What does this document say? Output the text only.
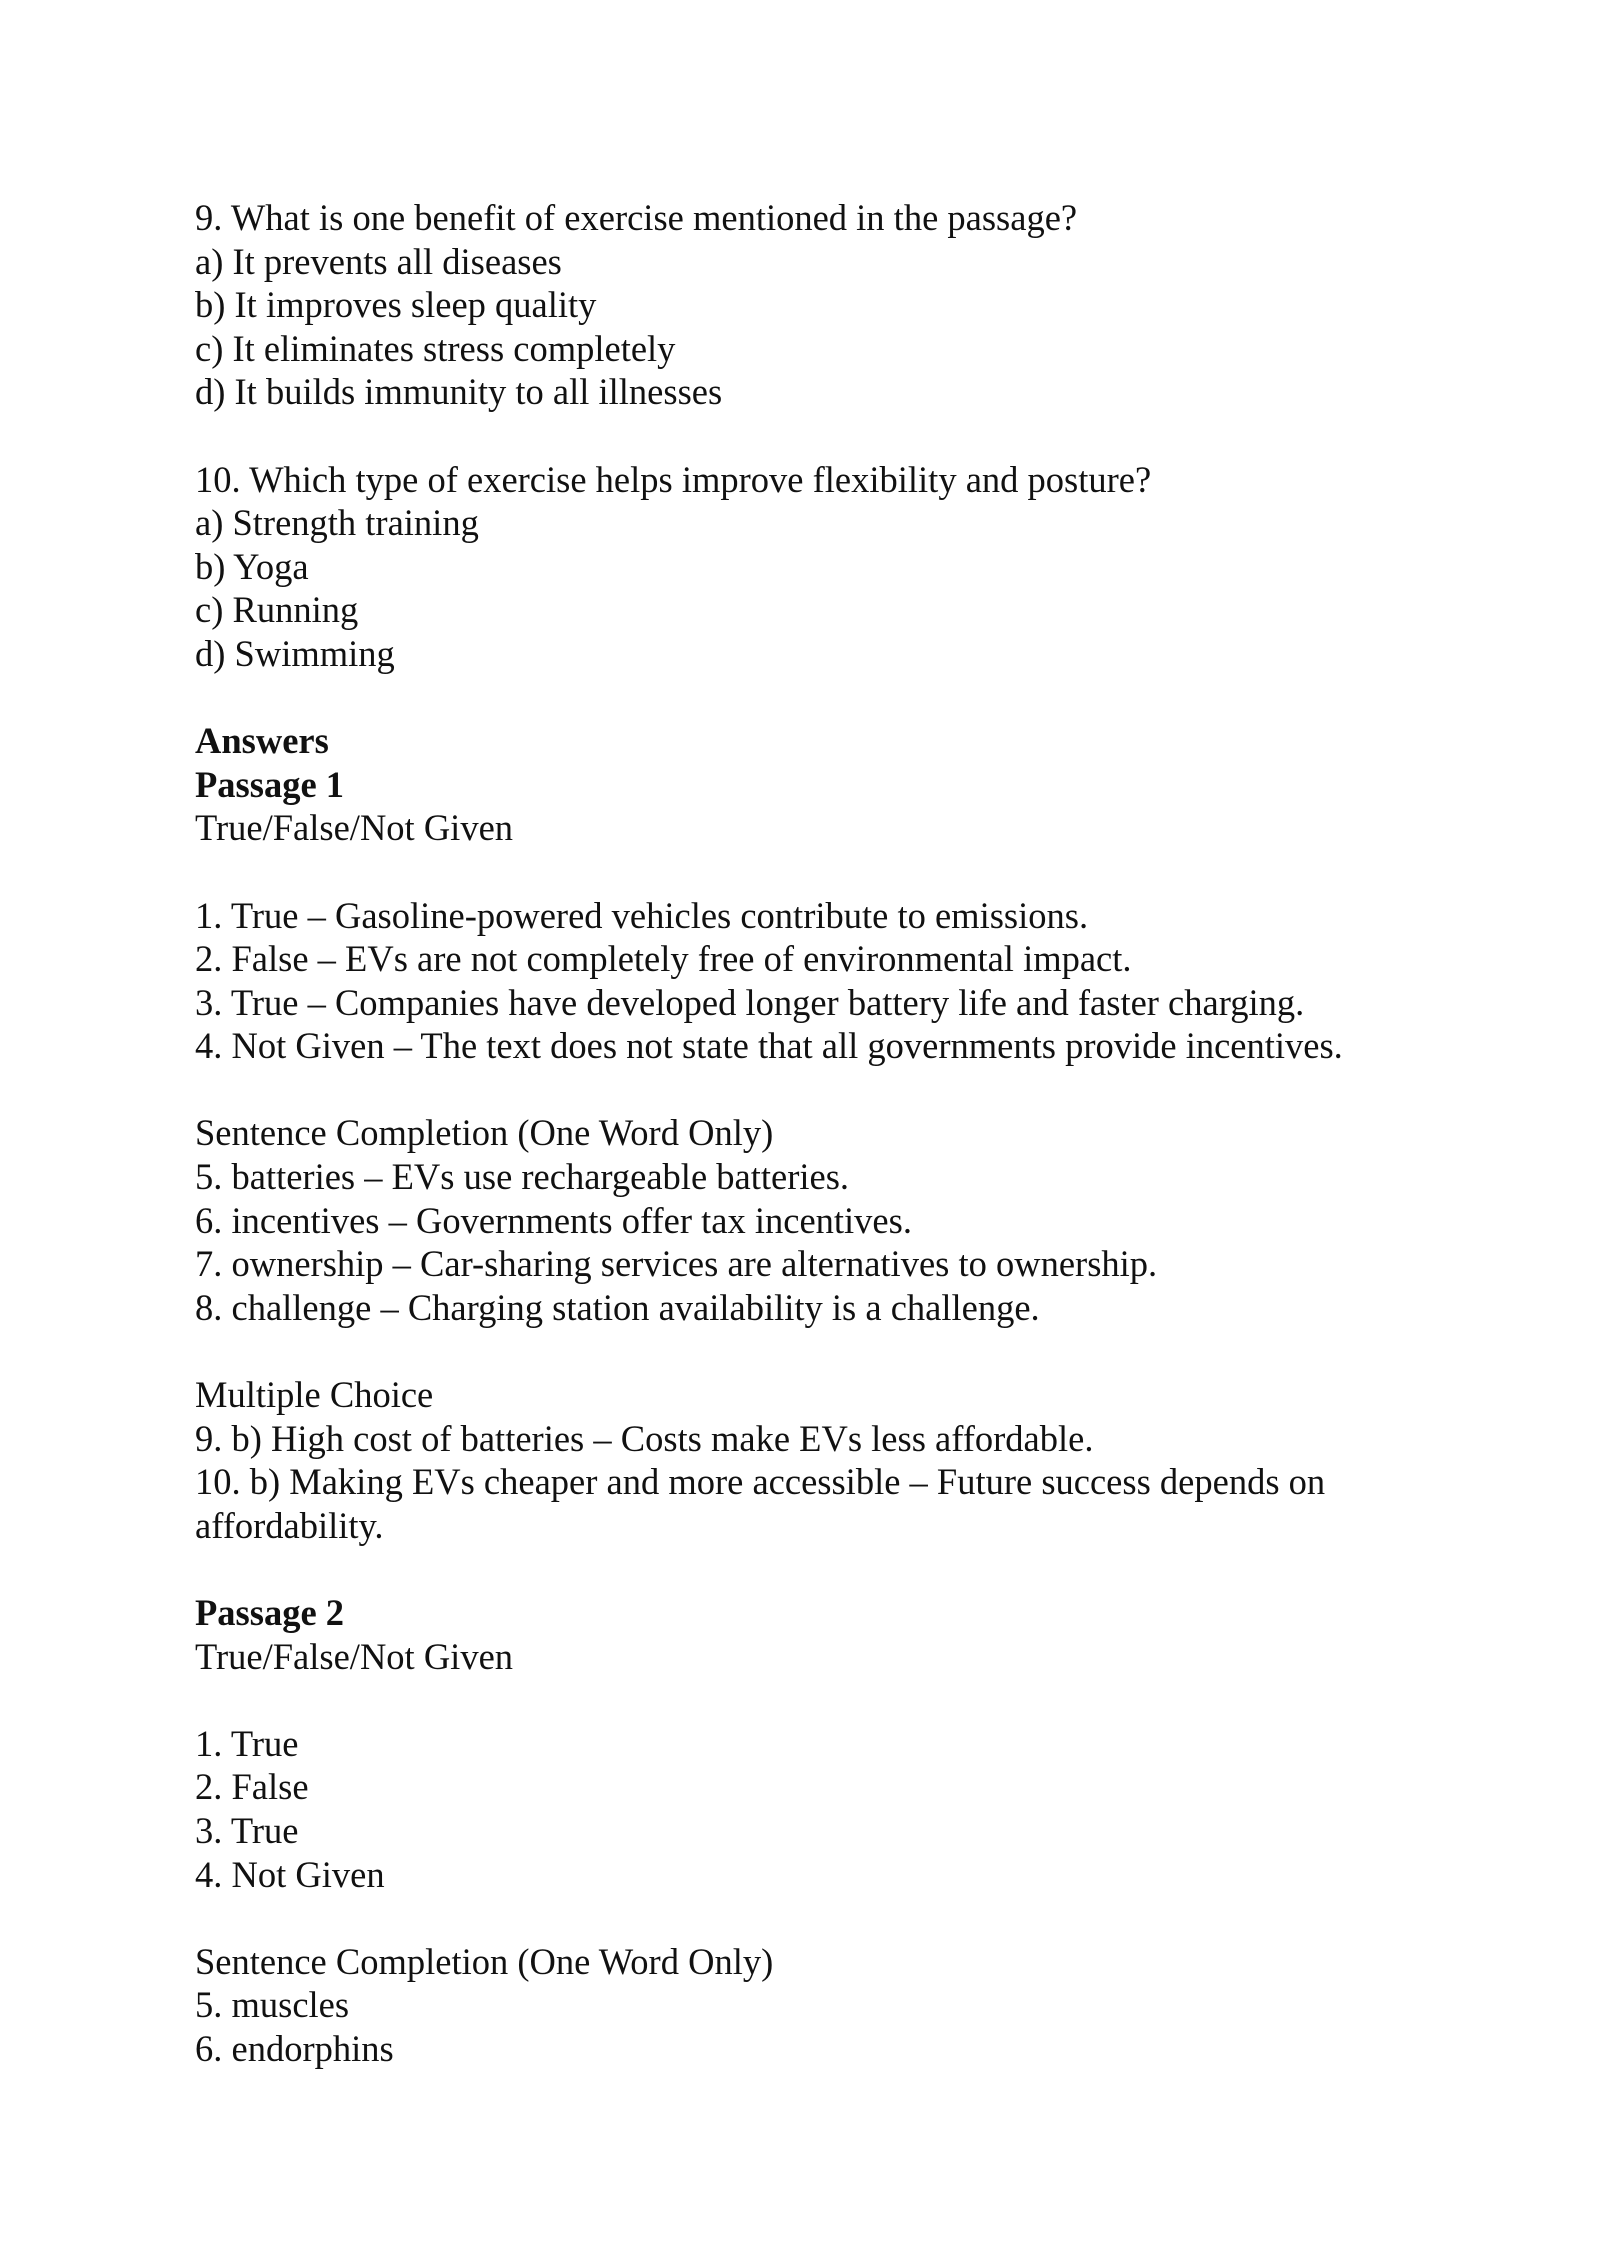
9. What is one benefit of exercise mentioned in the passage?
a) It prevents all diseases
b) It improves sleep quality
c) It eliminates stress completely
d) It builds immunity to all illnesses
10. Which type of exercise helps improve flexibility and posture?
a) Strength training
b) Yoga
c) Running
d) Swimming
Answers
Passage 1
True/False/Not Given
1. True – Gasoline-powered vehicles contribute to emissions.
2. False – EVs are not completely free of environmental impact.
3. True – Companies have developed longer battery life and faster charging.
4. Not Given – The text does not state that all governments provide incentives.
Sentence Completion (One Word Only)
5. batteries – EVs use rechargeable batteries.
6. incentives – Governments offer tax incentives.
7. ownership – Car-sharing services are alternatives to ownership.
8. challenge – Charging station availability is a challenge.
Multiple Choice
9. b) High cost of batteries – Costs make EVs less affordable.
10. b) Making EVs cheaper and more accessible – Future success depends on affordability.
Passage 2
True/False/Not Given
1. True
2. False
3. True
4. Not Given
Sentence Completion (One Word Only)
5. muscles
6. endorphins
